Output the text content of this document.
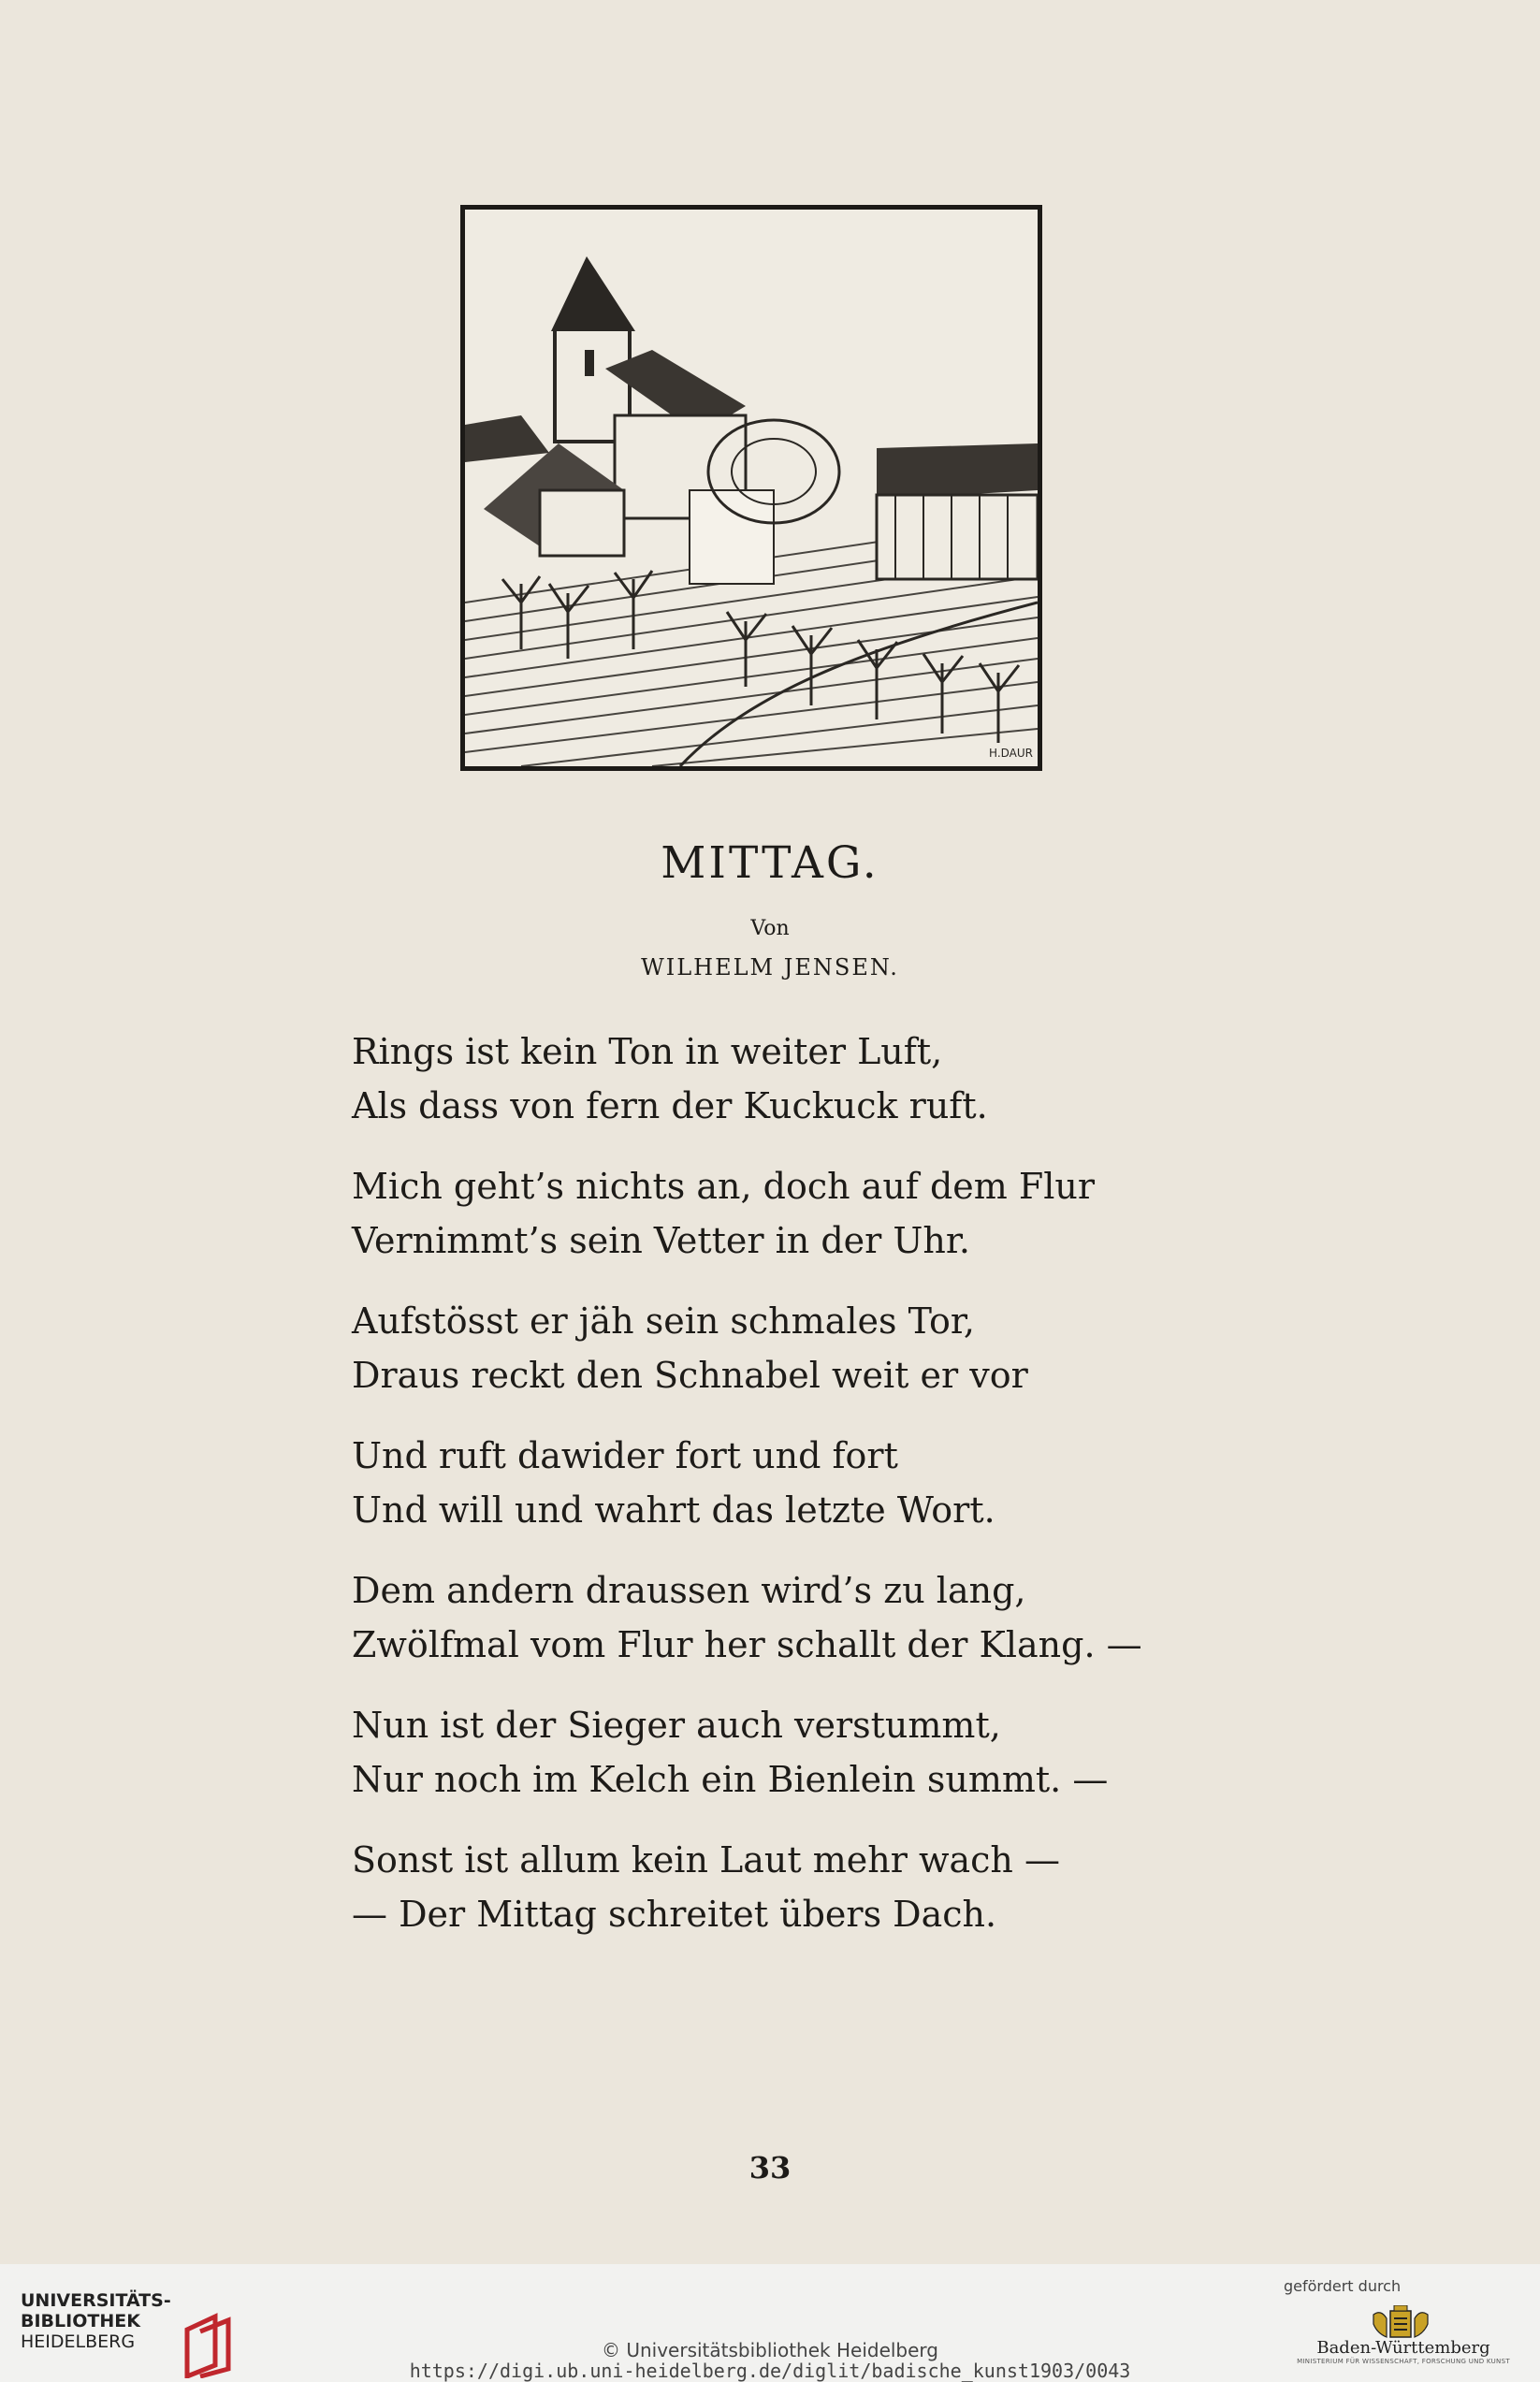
H.DAUR
MITTAG.
Von
WILHELM JENSEN.
Rings ist kein Ton in weiter Luft,
Als dass von fern der Kuckuck ruft.
Mich geht’s nichts an, doch auf dem Flur
Vernimmt’s sein Vetter in der Uhr.
Aufstösst er jäh sein schmales Tor,
Draus reckt den Schnabel weit er vor
Und ruft dawider fort und fort
Und will und wahrt das letzte Wort.
Dem andern draussen wird’s zu lang,
Zwölfmal vom Flur her schallt der Klang. —
Nun ist der Sieger auch verstummt,
Nur noch im Kelch ein Bienlein summt. —
Sonst ist allum kein Laut mehr wach —
— Der Mittag schreitet übers Dach.
33
UNIVERSITÄTS-
BIBLIOTHEK
HEIDELBERG	© Universitätsbibliothek Heidelberg
https://digi.ub.uni-heidelberg.de/diglit/badische_kunst1903/0043
gefördert durch
Baden-Württemberg
MINISTERIUM FÜR WISSENSCHAFT, FORSCHUNG UND KUNST
